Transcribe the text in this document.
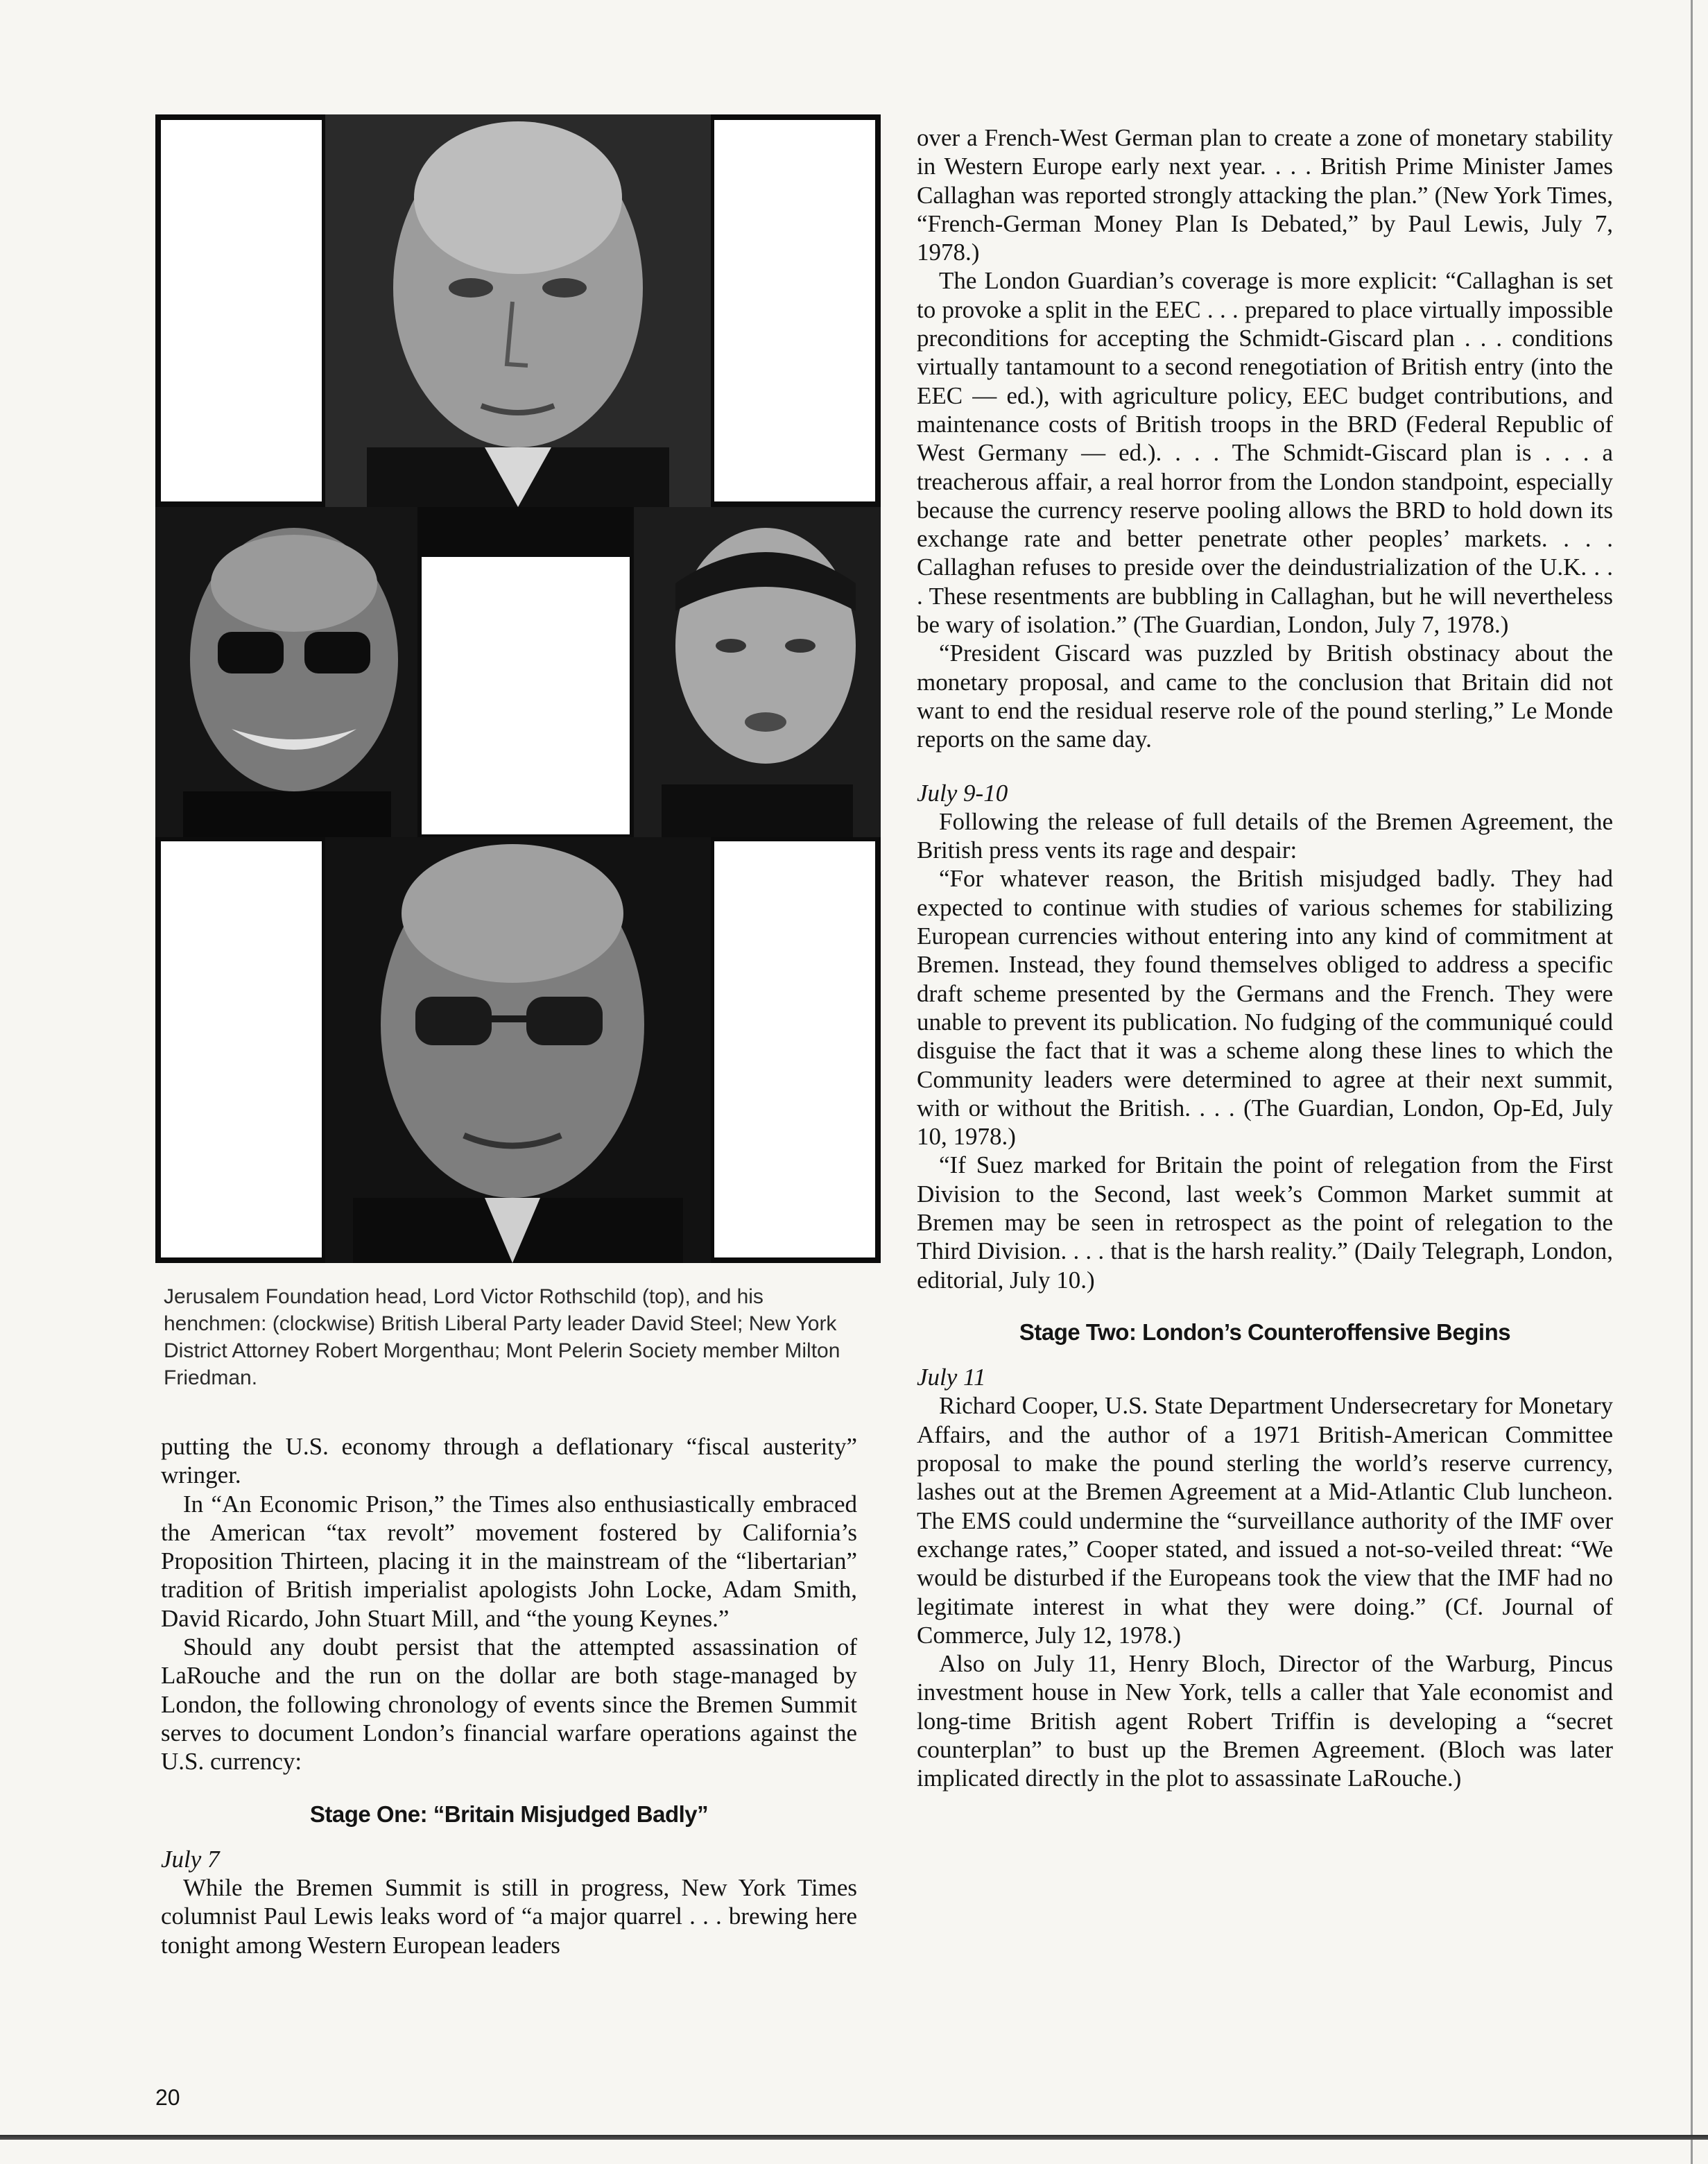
Jerusalem Foundation head, Lord Victor Rothschild (top), and his henchmen: (clockwise) British Liberal Party leader David Steel; New York District Attorney Robert Morgenthau; Mont Pelerin Society member Milton Friedman.

putting the U.S. economy through a deflationary “fiscal austerity” wringer.

In “An Economic Prison,” the Times also enthusiastically embraced the American “tax revolt” movement fostered by California’s Proposition Thirteen, placing it in the mainstream of the “libertarian” tradition of British imperialist apologists John Locke, Adam Smith, David Ricardo, John Stuart Mill, and “the young Keynes.”

Should any doubt persist that the attempted assassination of LaRouche and the run on the dollar are both stage-managed by London, the following chronology of events since the Bremen Summit serves to document London’s financial warfare operations against the U.S. currency:

Stage One: “Britain Misjudged Badly”

July 7

While the Bremen Summit is still in progress, New York Times columnist Paul Lewis leaks word of “a major quarrel . . . brewing here tonight among Western European leaders

over a French-West German plan to create a zone of monetary stability in Western Europe early next year. . . . British Prime Minister James Callaghan was reported strongly attacking the plan.” (New York Times, “French-German Money Plan Is Debated,” by Paul Lewis, July 7, 1978.)

The London Guardian’s coverage is more explicit: “Callaghan is set to provoke a split in the EEC . . . prepared to place virtually impossible preconditions for accepting the Schmidt-Giscard plan . . . conditions virtually tantamount to a second renegotiation of British entry (into the EEC — ed.), with agriculture policy, EEC budget contributions, and maintenance costs of British troops in the BRD (Federal Republic of West Germany — ed.). . . . The Schmidt-Giscard plan is . . . a treacherous affair, a real horror from the London standpoint, especially because the currency reserve pooling allows the BRD to hold down its exchange rate and better penetrate other peoples’ markets. . . . Callaghan refuses to preside over the deindustrialization of the U.K. . . . These resentments are bubbling in Callaghan, but he will nevertheless be wary of isolation.” (The Guardian, London, July 7, 1978.)

“President Giscard was puzzled by British obstinacy about the monetary proposal, and came to the conclusion that Britain did not want to end the residual reserve role of the pound sterling,” Le Monde reports on the same day.

July 9-10

Following the release of full details of the Bremen Agreement, the British press vents its rage and despair:

“For whatever reason, the British misjudged badly. They had expected to continue with studies of various schemes for stabilizing European currencies without entering into any kind of commitment at Bremen. Instead, they found themselves obliged to address a specific draft scheme presented by the Germans and the French. They were unable to prevent its publication. No fudging of the communiqué could disguise the fact that it was a scheme along these lines to which the Community leaders were determined to agree at their next summit, with or without the British. . . . (The Guardian, London, Op-Ed, July 10, 1978.)

“If Suez marked for Britain the point of relegation from the First Division to the Second, last week’s Common Market summit at Bremen may be seen in retrospect as the point of relegation to the Third Division. . . . that is the harsh reality.” (Daily Telegraph, London, editorial, July 10.)

Stage Two: London’s Counteroffensive Begins

July 11

Richard Cooper, U.S. State Department Undersecretary for Monetary Affairs, and the author of a 1971 British-American Committee proposal to make the pound sterling the world’s reserve currency, lashes out at the Bremen Agreement at a Mid-Atlantic Club luncheon. The EMS could undermine the “surveillance authority of the IMF over exchange rates,” Cooper stated, and issued a not-so-veiled threat: “We would be disturbed if the Europeans took the view that the IMF had no legitimate interest in what they were doing.” (Cf. Journal of Commerce, July 12, 1978.)

Also on July 11, Henry Bloch, Director of the Warburg, Pincus investment house in New York, tells a caller that Yale economist and long-time British agent Robert Triffin is developing a “secret counterplan” to bust up the Bremen Agreement. (Bloch was later implicated directly in the plot to assassinate LaRouche.)

20
